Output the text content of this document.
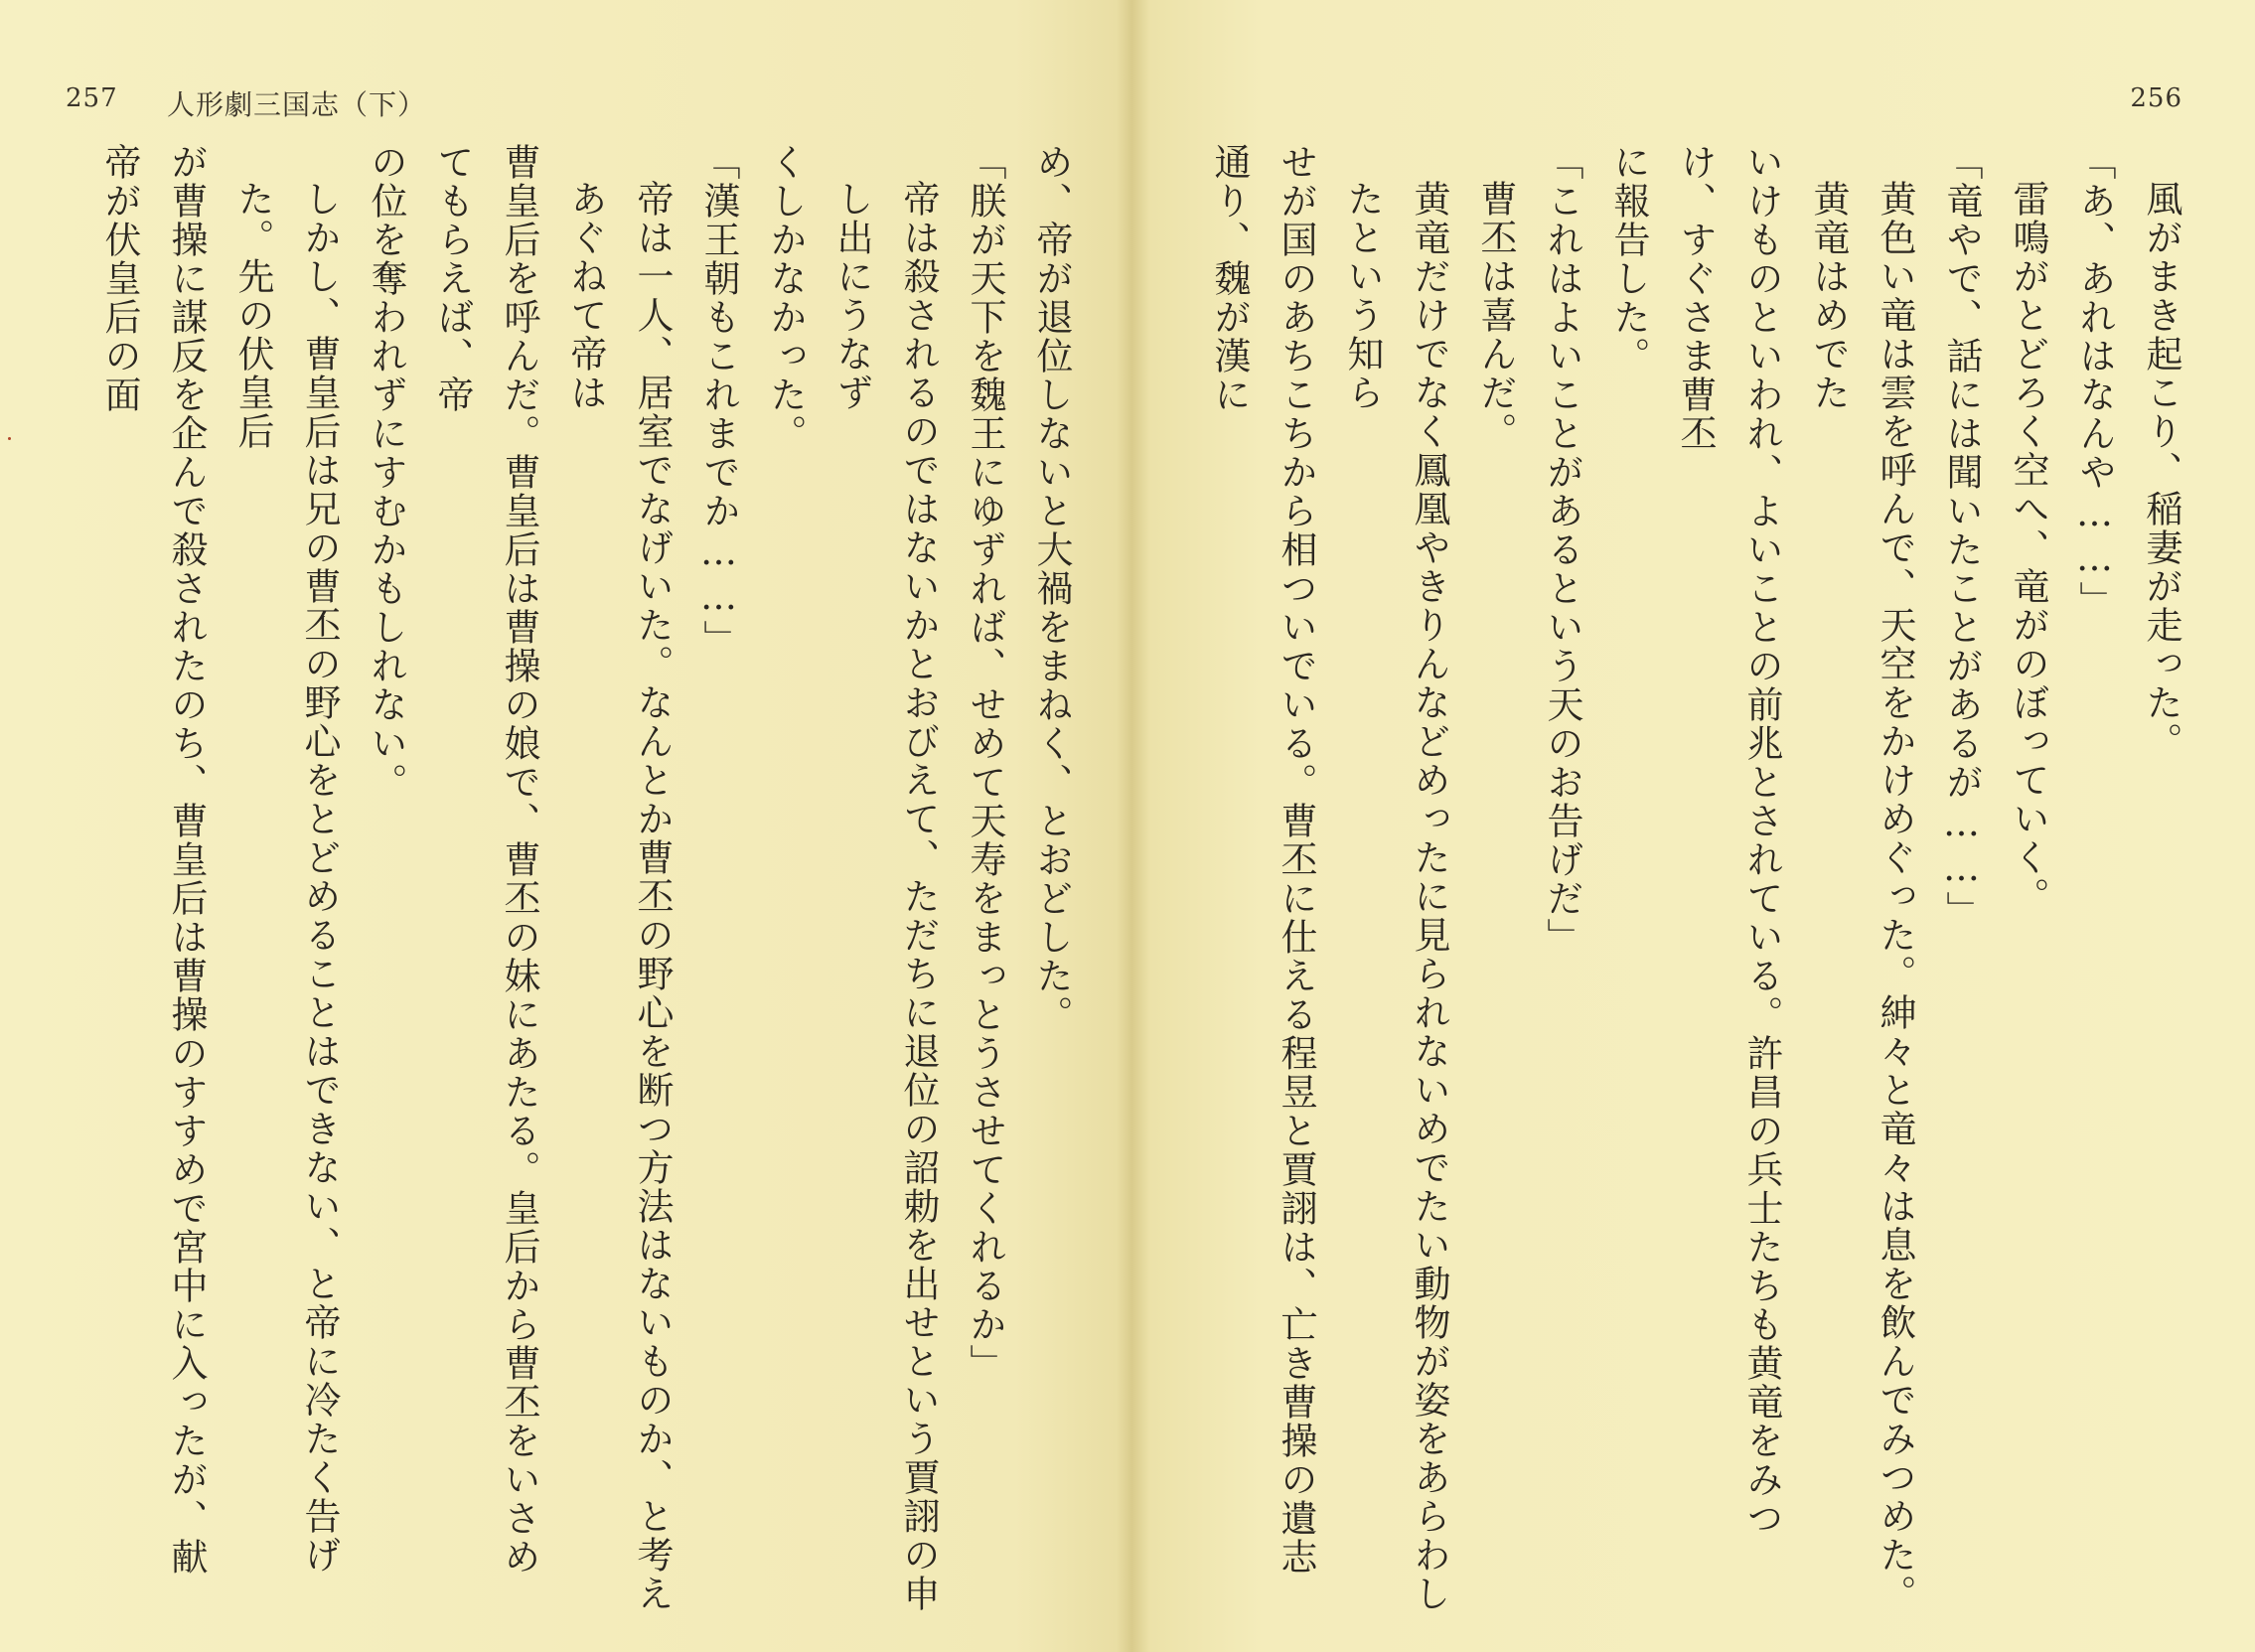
257 人形劇三国志（下）
め、帝が退位しないと大禍をまねく、とおどした。
「朕が天下を魏王にゆずれば、せめて天寿をまっとうさせてくれるか」
帝は殺されるのではないかとおびえて、ただちに退位の詔勅を出せという賈詡の申し出にうなず
くしかなかった。
「漢王朝もこれまでか……」
帝は一人、居室でなげいた。なんとか曹丕の野心を断つ方法はないものか、と考えあぐねて帝は
曹皇后を呼んだ。曹皇后は曹操の娘で、曹丕の妹にあたる。皇后から曹丕をいさめてもらえば、帝
の位を奪われずにすむかもしれない。
しかし、曹皇后は兄の曹丕の野心をとどめることはできない、と帝に冷たく告げた。先の伏皇后
が曹操に謀反を企んで殺されたのち、曹皇后は曹操のすすめで宮中に入ったが、献帝が伏皇后の面
256
風がまき起こり、稲妻が走った。
「あ、あれはなんや……」
雷鳴がとどろく空へ、竜がのぼっていく。
「竜やで、話には聞いたことがあるが……」
黄色い竜は雲を呼んで、天空をかけめぐった。紳々と竜々は息を飲んでみつめた。黄竜はめでた
いけものといわれ、よいことの前兆とされている。許昌の兵士たちも黄竜をみつけ、すぐさま曹丕
に報告した。
「これはよいことがあるという天のお告げだ」
曹丕は喜んだ。
黄竜だけでなく鳳凰やきりんなどめったに見られないめでたい動物が姿をあらわしたという知ら
せが国のあちこちから相ついでいる。曹丕に仕える程昱と賈詡は、亡き曹操の遺志通り、魏が漢に
